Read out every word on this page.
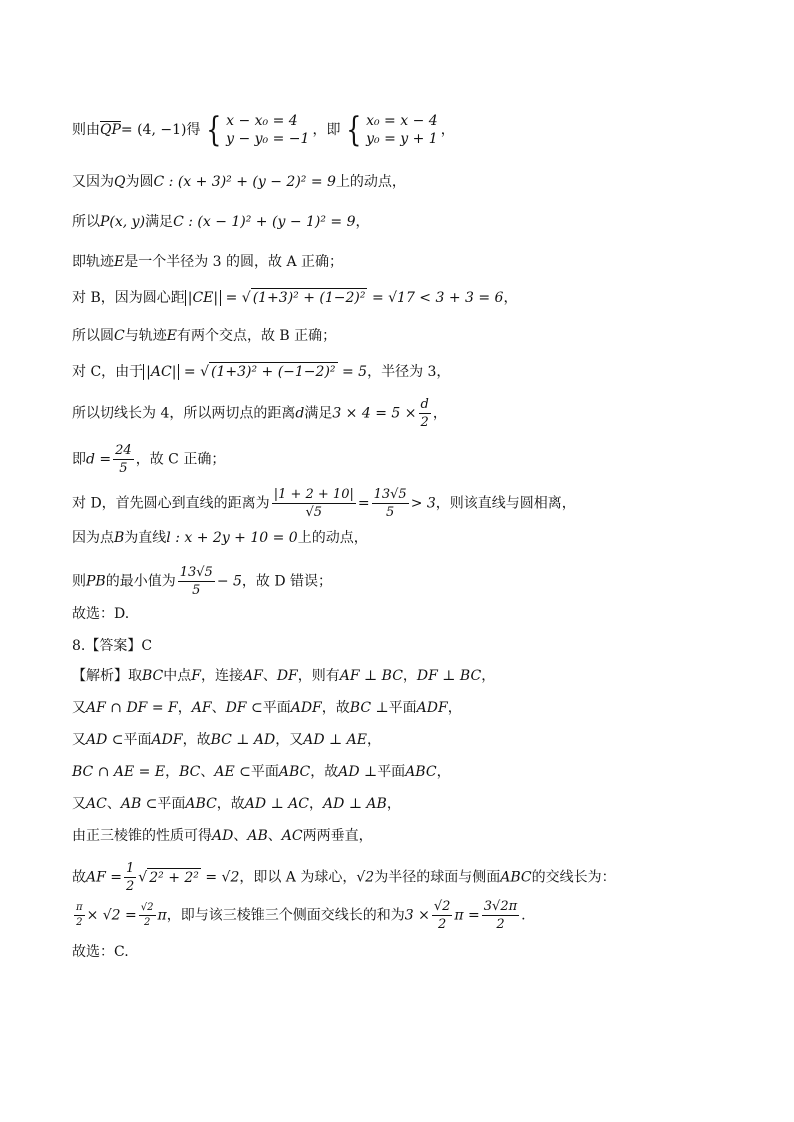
则由$\overline{QP}= (4$, −1)得 { x − x₀ = 4
y − y₀ = −1
，即 { x₀ = x − 4
y₀ = y + 1
，
又因为Q为圆C : (x + 3)² + (y − 2)² = 9上的动点，
所以P(x, y)满足C : (x − 1)² + (y − 1)² = 9，
即轨迹E是一个半径为 3 的圆，故 A 正确；
对 B，因为圆心距 |CE| = √ (1+3)² + (1−2)² = √17 < 3 + 3 = 6，
所以圆C与轨迹E有两个交点，故 B 正确；
对 C，由于 |AC| = √ (1+3)² + (−1−2)² = 5，半径为 3，
所以切线长为 4，所以两切点的距离d满足$3 \times 4 = 5 \times \frac{d}{2}$ ，
即$d = \frac{24}{5}$ ，故 C 正确；
对 D，首先圆心到直线的距离为 $\frac{|1 + 2 + 10|}{√5} = \frac{13√5}{5} > 3$，则该直线与圆相离，
因为点B为直线l : x + 2y + 10 = 0上的动点，
则PB的最小值为 $\frac{13√5}{5} - 5$，故 D 错误；
故选：D.
8.【答案】C
【解析】取BC中点F，连接AF、DF，则有AF ⊥ BC，DF ⊥ BC，
又AF ∩ DF = F，AF、DF ⊂平面ADF，故BC ⊥平面ADF，
又AD ⊂平面ADF，故BC ⊥ AD，又AD ⊥ AE，
BC ∩ AE = E，BC、AE ⊂平面ABC，故AD ⊥平面ABC，
又AC、AB ⊂平面ABC，故AD ⊥ AC，AD ⊥ AB，
由正三棱锥的性质可得AD、AB、AC两两垂直，
故AF = $\frac{1}{2}$ √ 2² + 2² = √2，即以 A 为球心，√2为半径的球面与侧面ABC的交线长为：
$\frac{\pi}{2} \times √2 = \frac{√2}{2}$ π，即与该三棱锥三个侧面交线长的和为$3 \times \frac{√2}{2}$ $\pi = \frac{3√2\pi}{2}$ .
故选：C.
